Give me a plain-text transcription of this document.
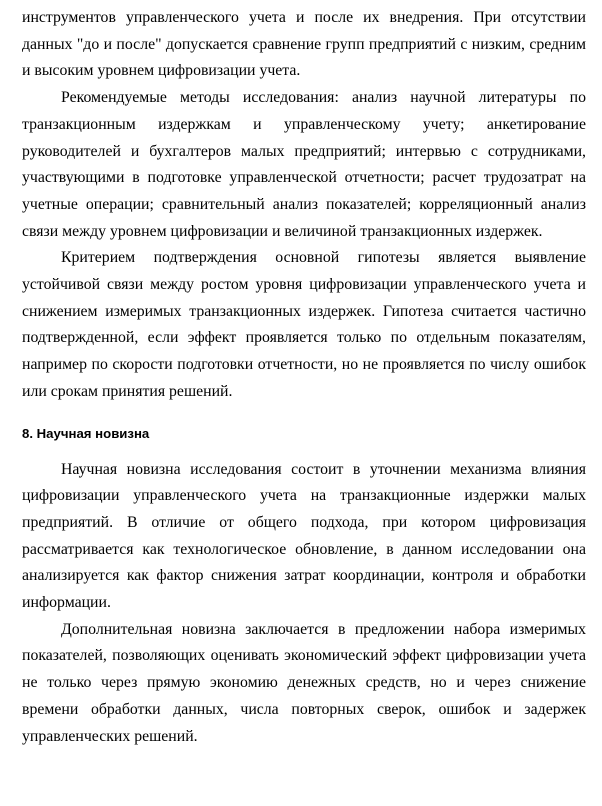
инструментов управленческого учета и после их внедрения. При отсутствии данных "до и после" допускается сравнение групп предприятий с низким, средним и высоким уровнем цифровизации учета.

Рекомендуемые методы исследования: анализ научной литературы по транзакционным издержкам и управленческому учету; анкетирование руководителей и бухгалтеров малых предприятий; интервью с сотрудниками, участвующими в подготовке управленческой отчетности; расчет трудозатрат на учетные операции; сравнительный анализ показателей; корреляционный анализ связи между уровнем цифровизации и величиной транзакционных издержек.

Критерием подтверждения основной гипотезы является выявление устойчивой связи между ростом уровня цифровизации управленческого учета и снижением измеримых транзакционных издержек. Гипотеза считается частично подтвержденной, если эффект проявляется только по отдельным показателям, например по скорости подготовки отчетности, но не проявляется по числу ошибок или срокам принятия решений.

8. Научная новизна

Научная новизна исследования состоит в уточнении механизма влияния цифровизации управленческого учета на транзакционные издержки малых предприятий. В отличие от общего подхода, при котором цифровизация рассматривается как технологическое обновление, в данном исследовании она анализируется как фактор снижения затрат координации, контроля и обработки информации.

Дополнительная новизна заключается в предложении набора измеримых показателей, позволяющих оценивать экономический эффект цифровизации учета не только через прямую экономию денежных средств, но и через снижение времени обработки данных, числа повторных сверок, ошибок и задержек управленческих решений.
